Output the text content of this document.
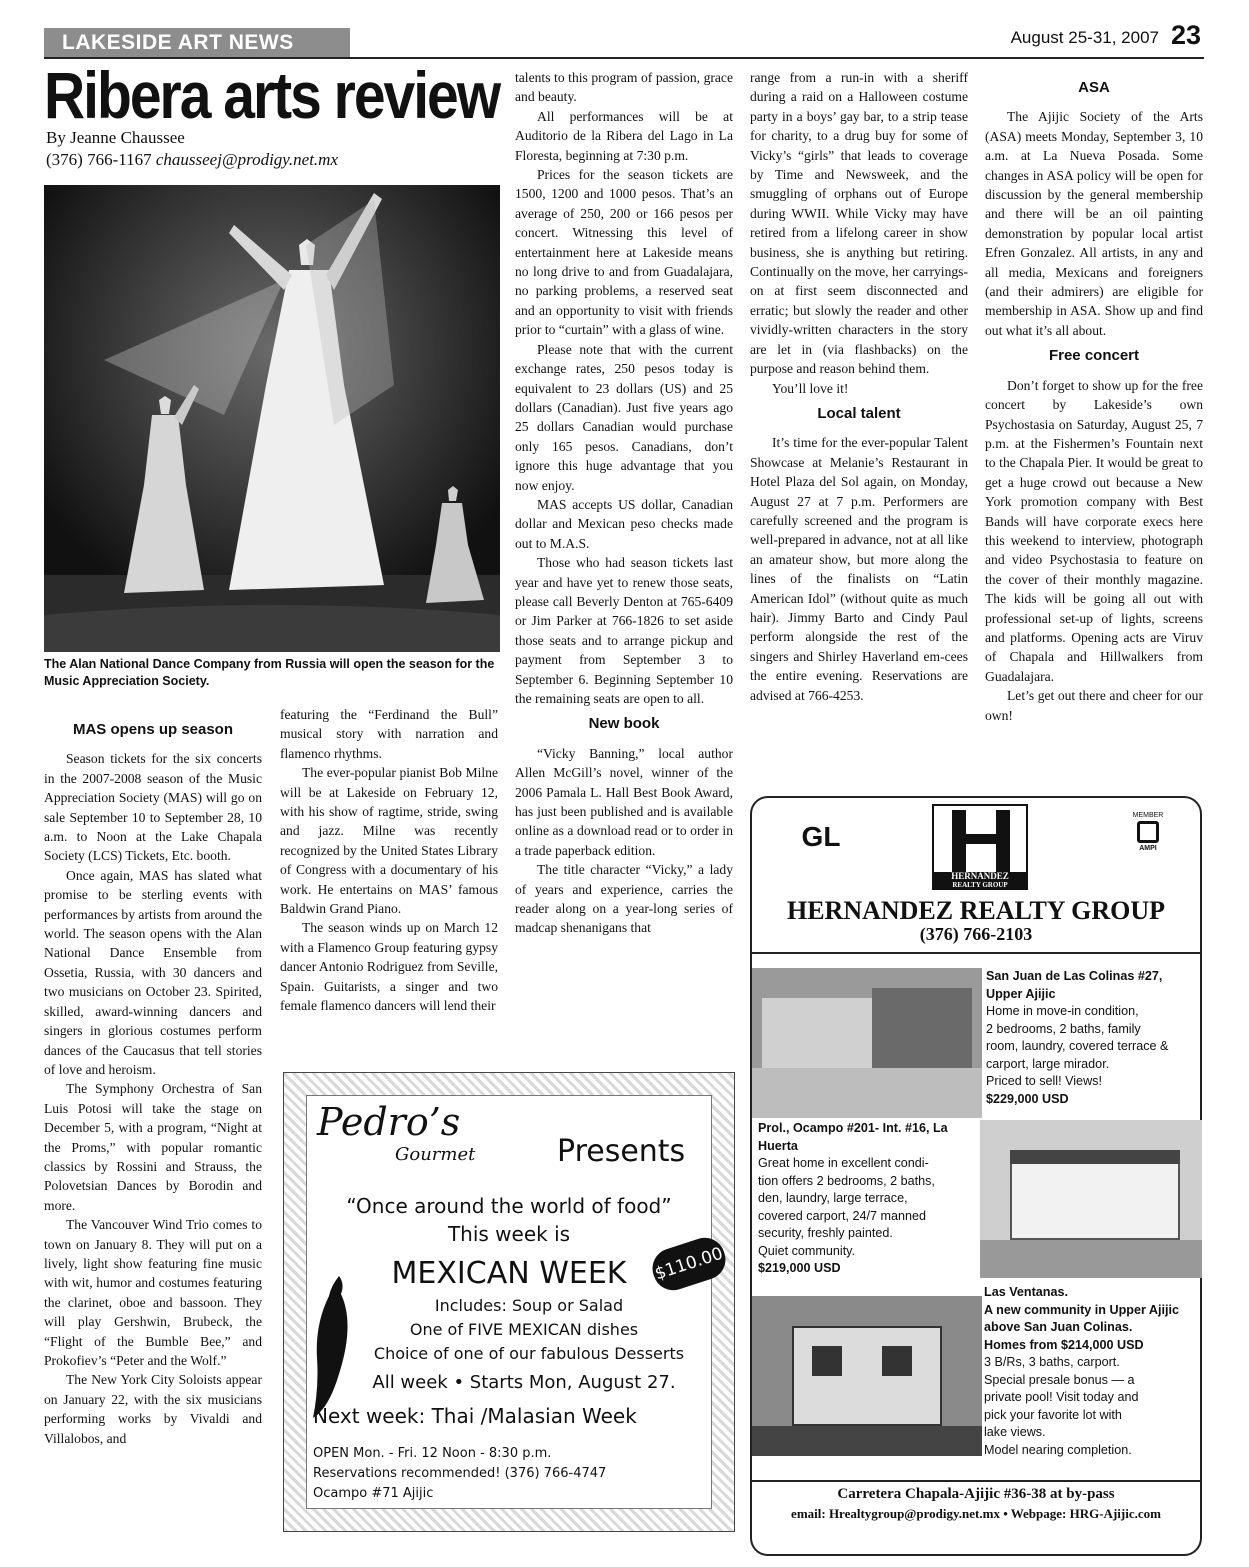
LAKESIDE ART NEWS	August 25-31, 2007 23
Ribera arts review
By Jeanne Chaussee
(376) 766-1167 chausseej@prodigy.net.mx
The Alan National Dance Company from Russia will open the season for the Music Appreciation Society.
MAS opens up season

Season tickets for the six concerts in the 2007-2008 season of the Music Appreciation Society (MAS) will go on sale September 10 to September 28, 10 a.m. to Noon at the Lake Chapala Society (LCS) Tickets, Etc. booth.

Once again, MAS has slated what promise to be sterling events with performances by artists from around the world. The season opens with the Alan National Dance Ensemble from Ossetia, Russia, with 30 dancers and two musicians on October 23. Spirited, skilled, award-winning dancers and singers in glorious costumes perform dances of the Caucasus that tell stories of love and heroism.

The Symphony Orchestra of San Luis Potosi will take the stage on December 5, with a program, “Night at the Proms,” with popular romantic classics by Rossini and Strauss, the Polovetsian Dances by Borodin and more.

The Vancouver Wind Trio comes to town on January 8. They will put on a lively, light show featuring fine music with wit, humor and costumes featuring the clarinet, oboe and bassoon. They will play Gershwin, Brubeck, the “Flight of the Bumble Bee,” and Prokofiev’s “Peter and the Wolf.”

The New York City Soloists appear on January 22, with the six musicians performing works by Vivaldi and Villalobos, and

featuring the “Ferdinand the Bull” musical story with narration and flamenco rhythms.

The ever-popular pianist Bob Milne will be at Lakeside on February 12, with his show of ragtime, stride, swing and jazz. Milne was recently recognized by the United States Library of Congress with a documentary of his work. He entertains on MAS’ famous Baldwin Grand Piano.

The season winds up on March 12 with a Flamenco Group featuring gypsy dancer Antonio Rodriguez from Seville, Spain. Guitarists, a singer and two female flamenco dancers will lend their

talents to this program of passion, grace and beauty.

All performances will be at Auditorio de la Ribera del Lago in La Floresta, beginning at 7:30 p.m.

Prices for the season tickets are 1500, 1200 and 1000 pesos. That’s an average of 250, 200 or 166 pesos per concert. Witnessing this level of entertainment here at Lakeside means no long drive to and from Guadalajara, no parking problems, a reserved seat and an opportunity to visit with friends prior to “curtain” with a glass of wine.

Please note that with the current exchange rates, 250 pesos today is equivalent to 23 dollars (US) and 25 dollars (Canadian). Just five years ago 25 dollars Canadian would purchase only 165 pesos. Canadians, don’t ignore this huge advantage that you now enjoy.

MAS accepts US dollar, Canadian dollar and Mexican peso checks made out to M.A.S.

Those who had season tickets last year and have yet to renew those seats, please call Beverly Denton at 765-6409 or Jim Parker at 766-1826 to set aside those seats and to arrange pickup and payment from September 3 to September 6. Beginning September 10 the remaining seats are open to all.

New book

“Vicky Banning,” local author Allen McGill’s novel, winner of the 2006 Pamala L. Hall Best Book Award, has just been published and is available online as a download read or to order in a trade paperback edition.

The title character “Vicky,” a lady of years and experience, carries the reader along on a year-long series of madcap shenanigans that

range from a run-in with a sheriff during a raid on a Halloween costume party in a boys’ gay bar, to a strip tease for charity, to a drug buy for some of Vicky’s “girls” that leads to coverage by Time and Newsweek, and the smuggling of orphans out of Europe during WWII. While Vicky may have retired from a lifelong career in show business, she is anything but retiring. Continually on the move, her carryings-on at first seem disconnected and erratic; but slowly the reader and other vividly-written characters in the story are let in (via flashbacks) on the purpose and reason behind them.

You’ll love it!

Local talent

It’s time for the ever-popular Talent Showcase at Melanie’s Restaurant in Hotel Plaza del Sol again, on Monday, August 27 at 7 p.m. Performers are carefully screened and the program is well-prepared in advance, not at all like an amateur show, but more along the lines of the finalists on “Latin American Idol” (without quite as much hair). Jimmy Barto and Cindy Paul perform alongside the rest of the singers and Shirley Haverland em-cees the entire evening. Reservations are advised at 766-4253.

ASA

The Ajijic Society of the Arts (ASA) meets Monday, September 3, 10 a.m. at La Nueva Posada. Some changes in ASA policy will be open for discussion by the general membership and there will be an oil painting demonstration by popular local artist Efren Gonzalez. All artists, in any and all media, Mexicans and foreigners (and their admirers) are eligible for membership in ASA. Show up and find out what it’s all about.

Free concert

Don’t forget to show up for the free concert by Lakeside’s own Psychostasia on Saturday, August 25, 7 p.m. at the Fishermen’s Fountain next to the Chapala Pier. It would be great to get a huge crowd out because a New York promotion company with Best Bands will have corporate execs here this weekend to interview, photograph and video Psychostasia to feature on the cover of their monthly magazine. The kids will be going all out with professional set-up of lights, screens and platforms. Opening acts are Viruv of Chapala and Hillwalkers from Guadalajara.

Let’s get out there and cheer for our own!

Pedro’s
Gourmet	Presents
“Once around the world of food”
This week is
MEXICAN WEEK
Includes: Soup or Salad
One of FIVE MEXICAN dishes
Choice of one of our fabulous Desserts
All week • Starts Mon, August 27.
Next week: Thai /Malasian Week
OPEN Mon. - Fri. 12 Noon - 8:30 p.m.
Reservations recommended! (376) 766-4747
Ocampo #71 Ajijic
$110.00
GL
HERNANDEZ
REALTY GROUP
MEMBER
AMPI
HERNANDEZ REALTY GROUP
(376) 766-2103
San Juan de Las Colinas #27, Upper Ajijic
Home in move-in condition,
2 bedrooms, 2 baths, family
room, laundry, covered terrace &
carport, large mirador.
Priced to sell! Views!
$229,000 USD
Prol., Ocampo #201- Int. #16, La Huerta
Great home in excellent condi-
tion offers 2 bedrooms, 2 baths,
den, laundry, large terrace,
covered carport, 24/7 manned
security, freshly painted.
Quiet community.
$219,000 USD
Las Ventanas.
A new community in Upper Ajijic
above San Juan Colinas.
Homes from $214,000 USD
3 B/Rs, 3 baths, carport.
Special presale bonus — a
private pool! Visit today and
pick your favorite lot with
lake views.
Model nearing completion.
Carretera Chapala-Ajijic #36-38 at by-pass
email: Hrealtygroup@prodigy.net.mx • Webpage: HRG-Ajijic.com
